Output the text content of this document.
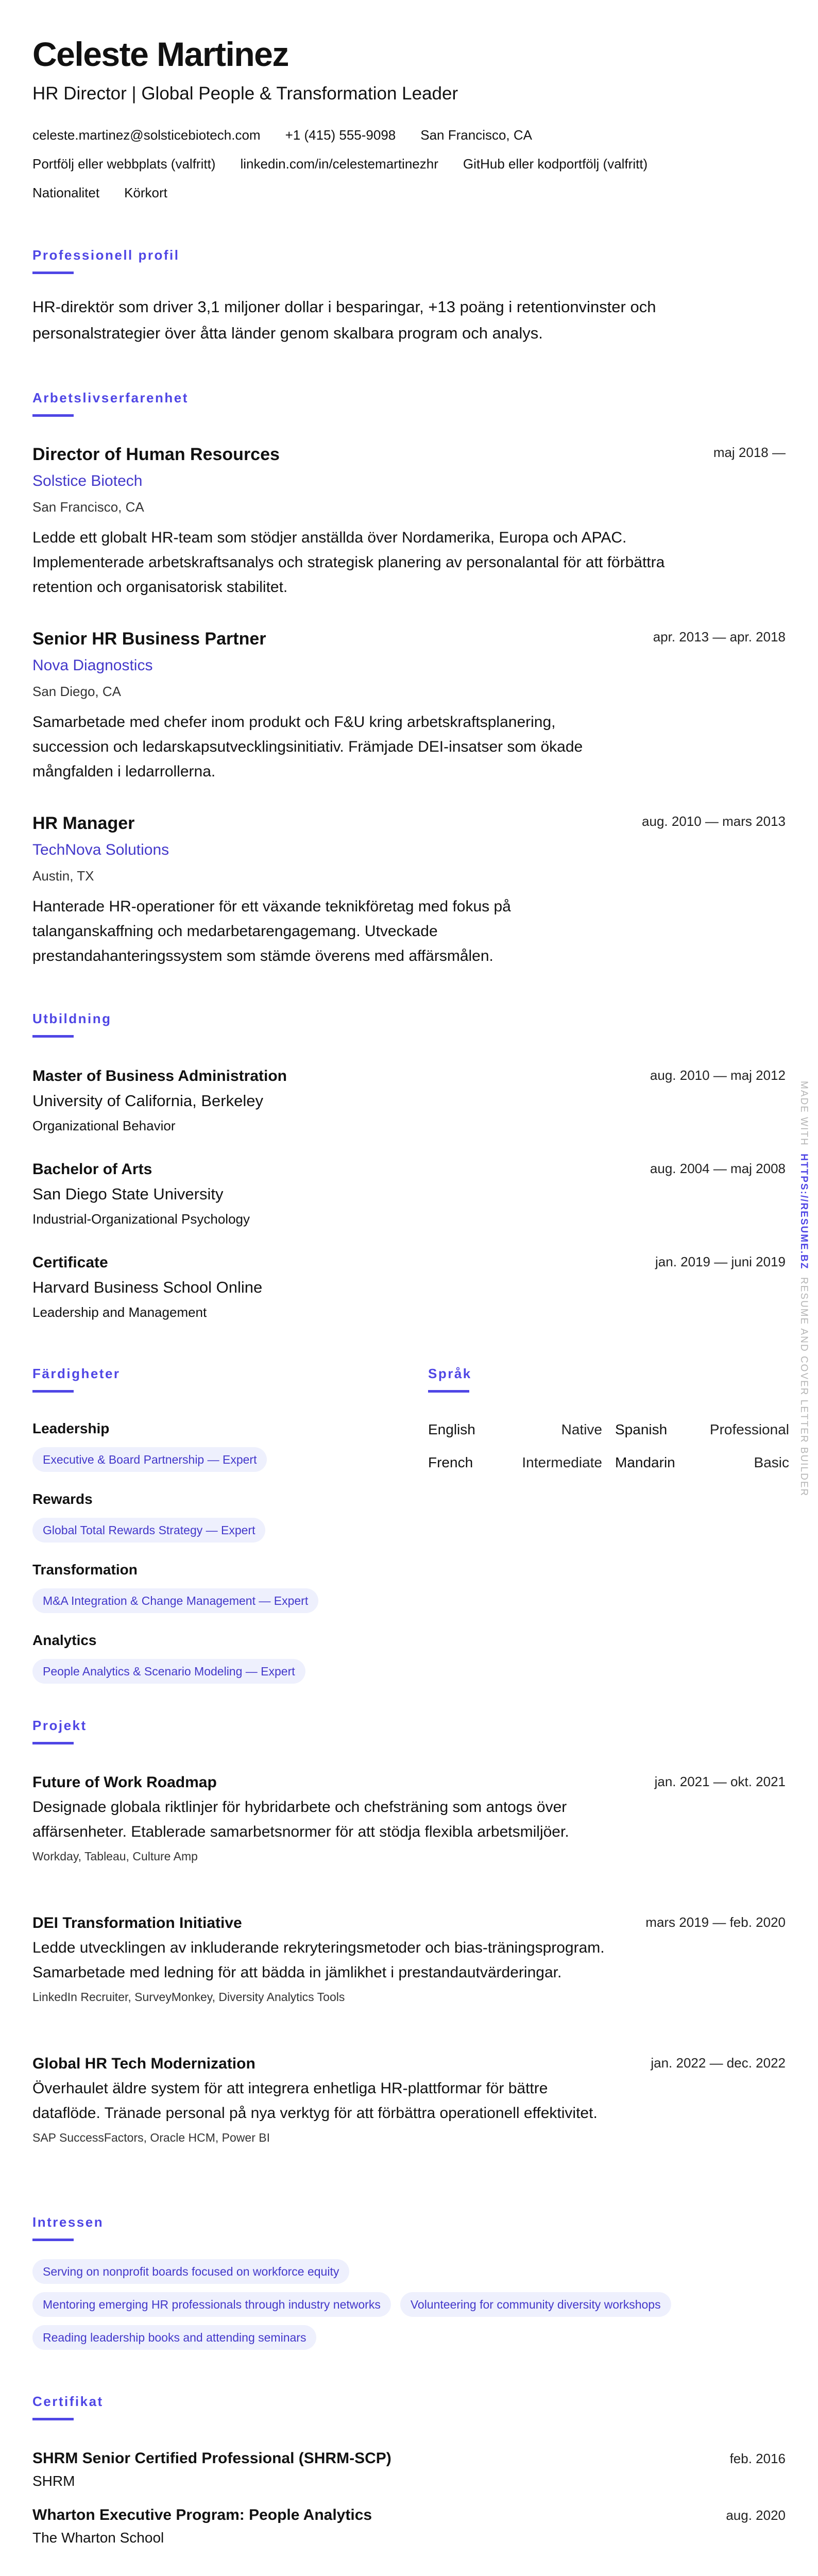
Celeste Martinez
HR Director | Global People & Transformation Leader
celeste.martinez@solsticebiotech.com +1 (415) 555-9098 San Francisco, CA
Portfölj eller webbplats (valfritt) linkedin.com/in/celestemartinezhr GitHub eller kodportfölj (valfritt)
Nationalitet Körkort
Professionell profil
HR-direktör som driver 3,1 miljoner dollar i besparingar, +13 poäng i retentionvinster och personalstrategier över åtta länder genom skalbara program och analys.
Arbetslivserfarenhet
Director of Human Resources	maj 2018 —
Solstice Biotech
San Francisco, CA
Ledde ett globalt HR-team som stödjer anställda över Nordamerika, Europa och APAC. Implementerade arbetskraftsanalys och strategisk planering av personalantal för att förbättra retention och organisatorisk stabilitet.
Senior HR Business Partner	apr. 2013 — apr. 2018
Nova Diagnostics
San Diego, CA
Samarbetade med chefer inom produkt och F&U kring arbetskraftsplanering, succession och ledarskapsutvecklingsinitiativ. Främjade DEI-insatser som ökade mångfalden i ledarrollerna.
HR Manager	aug. 2010 — mars 2013
TechNova Solutions
Austin, TX
Hanterade HR-operationer för ett växande teknikföretag med fokus på talanganskaffning och medarbetarengagemang. Utveckade prestandahanteringssystem som stämde överens med affärsmålen.
Utbildning
Master of Business Administration	aug. 2010 — maj 2012
University of California, Berkeley
Organizational Behavior
Bachelor of Arts	aug. 2004 — maj 2008
San Diego State University
Industrial-Organizational Psychology
Certificate	jan. 2019 — juni 2019
Harvard Business School Online
Leadership and Management
Färdigheter
Leadership
Executive & Board Partnership — Expert
Rewards
Global Total Rewards Strategy — Expert
Transformation
M&A Integration & Change Management — Expert
Analytics
People Analytics & Scenario Modeling — Expert
Språk
English	Native Spanish	Professional
French	Intermediate Mandarin	Basic
Projekt
Future of Work Roadmap	jan. 2021 — okt. 2021
Designade globala riktlinjer för hybridarbete och chefsträning som antogs över affärsenheter. Etablerade samarbetsnormer för att stödja flexibla arbetsmiljöer.
Workday, Tableau, Culture Amp
DEI Transformation Initiative	mars 2019 — feb. 2020
Ledde utvecklingen av inkluderande rekryteringsmetoder och bias-träningsprogram. Samarbetade med ledning för att bädda in jämlikhet i prestandautvärderingar.
LinkedIn Recruiter, SurveyMonkey, Diversity Analytics Tools
Global HR Tech Modernization	jan. 2022 — dec. 2022
Överhaulet äldre system för att integrera enhetliga HR-plattformar för bättre dataflöde. Tränade personal på nya verktyg för att förbättra operationell effektivitet.
SAP SuccessFactors, Oracle HCM, Power BI
Intressen
Serving on nonprofit boards focused on workforce equity
Mentoring emerging HR professionals through industry networks	Volunteering for community diversity workshops
Reading leadership books and attending seminars
Certifikat
SHRM Senior Certified Professional (SHRM-SCP)	feb. 2016
SHRM
Wharton Executive Program: People Analytics	aug. 2020
The Wharton School
MADE WITH  HTTPS://RESUME.BZ  RESUME AND COVER LETTER BUILDER
